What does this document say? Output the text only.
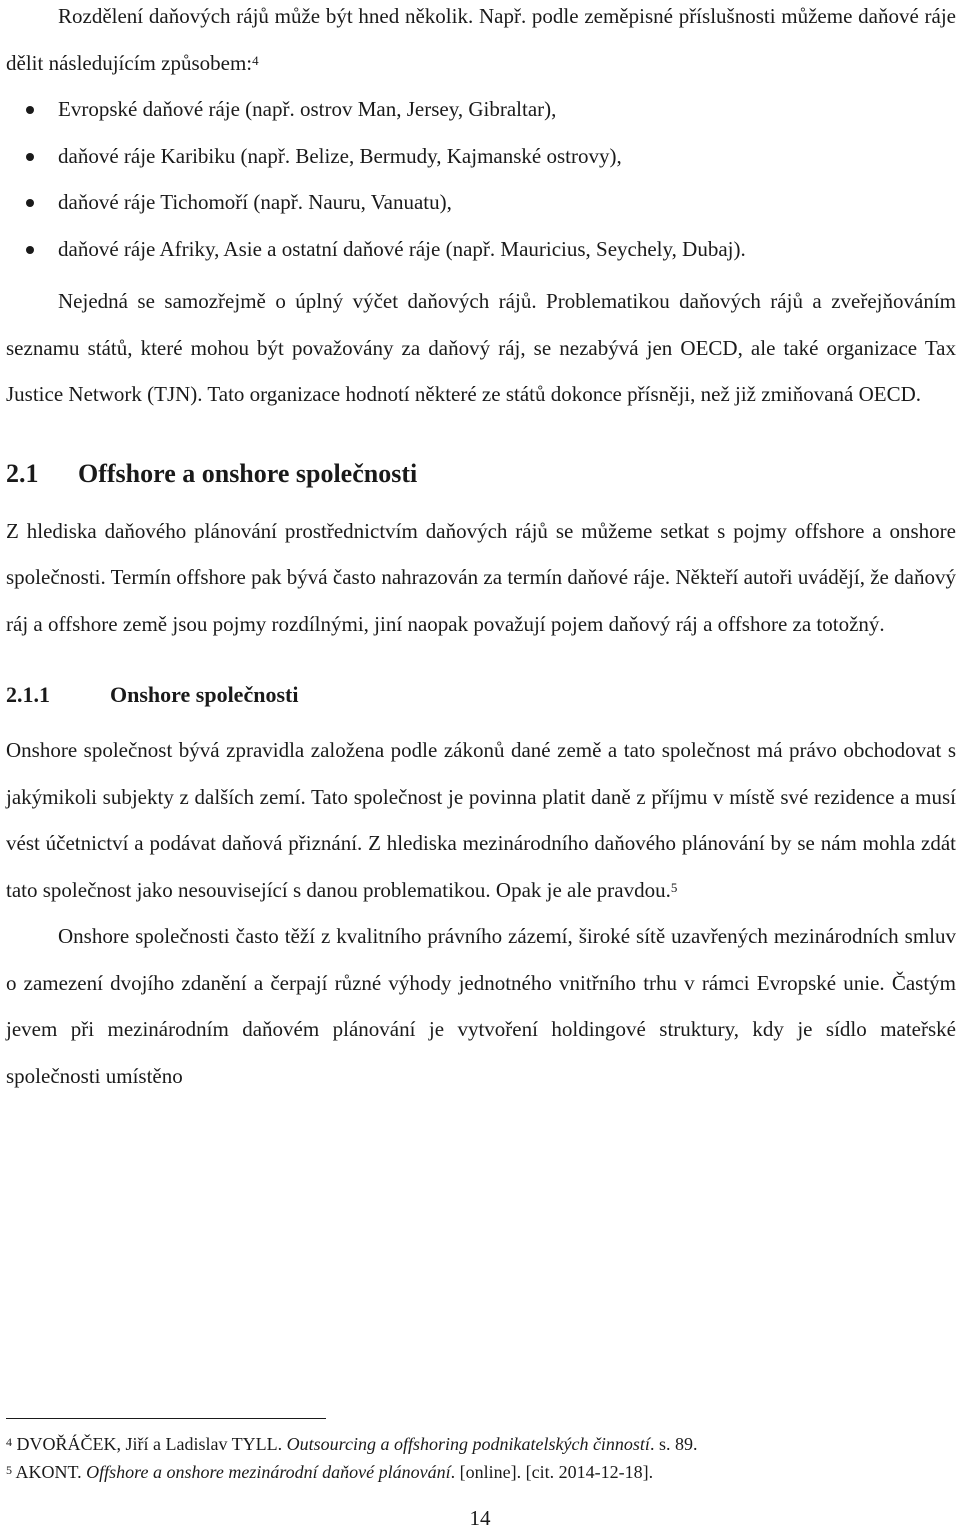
Rozdělení daňových rájů může být hned několik. Např. podle zeměpisné příslušnosti můžeme daňové ráje dělit následujícím způsobem:$^4$

Evropské daňové ráje (např. ostrov Man, Jersey, Gibraltar),
daňové ráje Karibiku (např. Belize, Bermudy, Kajmanské ostrovy),
daňové ráje Tichomoří (např. Nauru, Vanuatu),
daňové ráje Afriky, Asie a ostatní daňové ráje (např. Mauricius, Seychely, Dubaj).

Nejedná se samozřejmě o úplný výčet daňových rájů. Problematikou daňových rájů a zveřejňováním seznamu států, které mohou být považovány za daňový ráj, se nezabývá jen OECD, ale také organizace Tax Justice Network (TJN). Tato organizace hodnotí některé ze států dokonce přísněji, než již zmiňovaná OECD.

2.1 Offshore a onshore společnosti

Z hlediska daňového plánování prostřednictvím daňových rájů se můžeme setkat s pojmy offshore a onshore společnosti. Termín offshore pak bývá často nahrazován za termín daňové ráje. Někteří autoři uvádějí, že daňový ráj a offshore země jsou pojmy rozdílnými, jiní naopak považují pojem daňový ráj a offshore za totožný.

2.1.1	Onshore společnosti

Onshore společnost bývá zpravidla založena podle zákonů dané země a tato společnost má právo obchodovat s jakýmikoli subjekty z dalších zemí. Tato společnost je povinna platit daně z příjmu v místě své rezidence a musí vést účetnictví a podávat daňová přiznání. Z hlediska mezinárodního daňového plánování by se nám mohla zdát tato společnost jako nesouvisející s danou problematikou. Opak je ale pravdou.$^5$

Onshore společnosti často těží z kvalitního právního zázemí, široké sítě uzavřených mezinárodních smluv o zamezení dvojího zdanění a čerpají různé výhody jednotného vnitřního trhu v rámci Evropské unie. Častým jevem při mezinárodním daňovém plánování je vytvoření holdingové struktury, kdy je sídlo mateřské společnosti umístěno

$^4$ DVOŘÁČEK, Jiří a Ladislav TYLL. Outsourcing a offshoring podnikatelských činností. s. 89.

$^5$ AKONT. Offshore a onshore mezinárodní daňové plánování. [online]. [cit. 2014-12-18].

14
